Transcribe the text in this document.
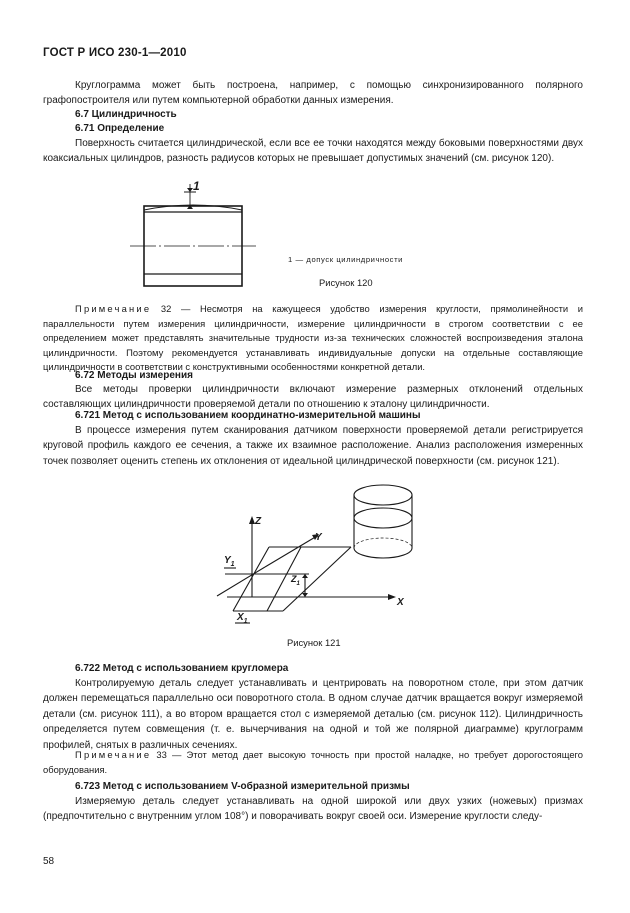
ГОСТ Р ИСО 230-1—2010
Круглограмма может быть построена, например, с помощью синхронизированного полярного графопостроителя или путем компьютерной обработки данных измерения.
6.7 Цилиндричность
6.71 Определение
Поверхность считается цилиндрической, если все ее точки находятся между боковыми поверхностями двух коаксиальных цилиндров, разность радиусов которых не превышает допустимых значений (см. рисунок 120).
1
1 — допуск цилиндричности
Рисунок 120
Примечание 32 — Несмотря на кажущееся удобство измерения круглости, прямолинейности и параллельности путем измерения цилиндричности, измерение цилиндричности в строгом соответствии с ее определением может представлять значительные трудности из-за технических сложностей воспроизведения эталона цилиндричности. Поэтому рекомендуется устанавливать индивидуальные допуски на отдельные составляющие цилиндричности в соответствии с конструктивными особенностями конкретной детали.
6.72 Методы измерения
Все методы проверки цилиндричности включают измерение размерных отклонений отдельных составляющих цилиндричности проверяемой детали по отношению к эталону цилиндричности.
6.721 Метод с использованием координатно-измерительной машины
В процессе измерения путем сканирования датчиком поверхности проверяемой детали регистрируется круговой профиль каждого ее сечения, а также их взаимное расположение. Анализ расположения измеренных точек позволяет оценить степень их отклонения от идеальной цилиндрической поверхности (см. рисунок 121).
Z
Y
X
$Y_1$
$X_1$
$Z_1$
Рисунок 121
6.722 Метод с использованием кругломера
Контролируемую деталь следует устанавливать и центрировать на поворотном столе, при этом датчик должен перемещаться параллельно оси поворотного стола. В одном случае датчик вращается вокруг измеряемой детали (см. рисунок 111), а во втором вращается стол с измеряемой деталью (см. рисунок 112). Цилиндричность определяется путем совмещения (т. е. вычерчивания на одной и той же полярной диаграмме) круглограмм профилей, снятых в различных сечениях.
Примечание 33 — Этот метод дает высокую точность при простой наладке, но требует дорогостоящего оборудования.
6.723 Метод с использованием V-образной измерительной призмы
Измеряемую деталь следует устанавливать на одной широкой или двух узких (ножевых) призмах (предпочтительно с внутренним углом 108°) и поворачивать вокруг своей оси. Измерение круглости следу-
58
